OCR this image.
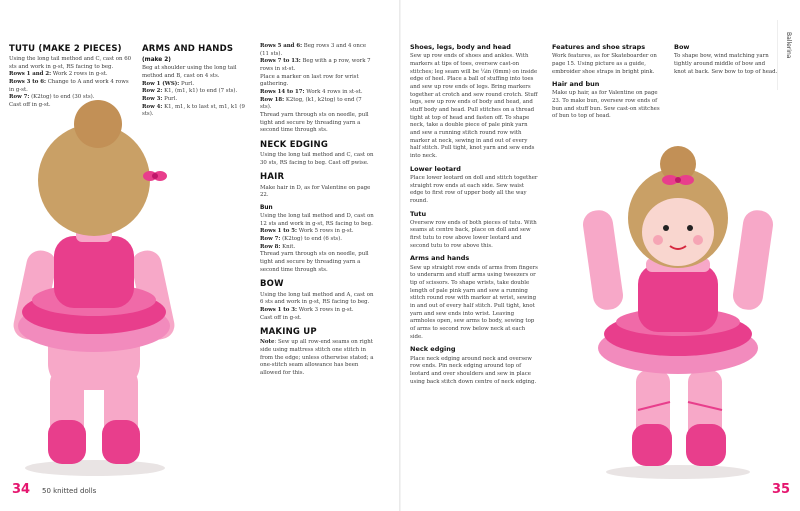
TUTU (MAKE 2 PIECES)

Using the long tail method and C, cast on 60 sts and work in g-st, RS facing to beg.
Rows 1 and 2: Work 2 rows in g-st.
Rows 3 to 6: Change to A and work 4 rows in g-st.
Row 7: (K2tog) to end (30 sts).
Cast off in g-st.

ARMS AND HANDS
(make 2)

Beg at shoulder using the long tail method and B, cast on 4 sts.
Row 1 (WS): Purl.
Row 2: K1, (m1, k1) to end (7 sts).
Row 3: Purl.
Row 4: K1, m1, k to last st, m1, k1 (9 sts).

Rows 5 and 6: Beg rows 3 and 4 once (11 sts).
Rows 7 to 13: Beg with a p row, work 7 rows in st-st.
Place a marker on last row for wrist gathering.
Rows 14 to 17: Work 4 rows in st-st.
Row 18: K2tog, (k1, k2tog) to end (7 sts).
Thread yarn through sts on needle, pull tight and secure by threading yarn a second time through sts.

NECK EDGING

Using the long tail method and C, cast on 30 sts, RS facing to beg. Cast off pwise.

HAIR

Make hair in D, as for Valentine on page 22.

Bun

Using the long tail method and D, cast on 12 sts and work in g-st, RS facing to beg.
Rows 1 to 5: Work 5 rows in g-st.
Row 7: (K2tog) to end (6 sts).
Row 8: Knit.
Thread yarn through sts on needle, pull tight and secure by threading yarn a second time through sts.

BOW

Using the long tail method and A, cast on 6 sts and work in g-st, RS facing to beg.
Rows 1 to 3: Work 3 rows in g-st.
Cast off in g-st.

MAKING UP

Note: Sew up all row-end seams on right side using mattress stitch one stitch in from the edge; unless otherwise stated; a one-stitch seam allowance has been allowed for this.

34 50 knitted dolls
Shoes, legs, body and head

Sew up row ends of shoes and ankles. With markers at tips of toes, oversew cast-on stitches; leg seam will be ¼in (6mm) on inside edge of heel. Place a ball of stuffing into toes and sew up row ends of legs. Bring markers together at crotch and sew round crotch. Stuff legs, sew up row ends of body and head, and stuff body and head. Pull stitches on a thread tight at top of head and fasten off. To shape neck, take a double piece of pale pink yarn and sew a running stitch round row with marker at neck, sewing in and out of every half stitch. Pull tight, knot yarn and sew ends into neck.

Lower leotard

Place lower leotard on doll and stitch together straight row ends at each side. Sew waist edge to first row of upper body all the way round.

Tutu

Oversew row ends of both pieces of tutu. With seams at centre back, place on doll and sew first tutu to row above lower leotard and second tutu to row above this.

Arms and hands

Sew up straight row ends of arms from fingers to underarm and stuff arms using tweezers or tip of scissors. To shape wrists, take double length of pale pink yarn and sew a running stitch round row with marker at wrist, sewing in and out of every half stitch. Pull tight, knot yarn and sew ends into wrist. Leaving armholes open, sew arms to body, sewing top of arms to second row below neck at each side.

Neck edging

Place neck edging around neck and oversew row ends. Pin neck edging around top of leotard and over shoulders and sew in place using back stitch down centre of neck edging.

Features and shoe straps

Work features, as for Skateboarder on page 15. Using picture as a guide, embroider shoe straps in bright pink.

Hair and bun

Make up hair, as for Valentine on page 23. To make bun, oversew row ends of bun and stuff bun. Sew cast-on stitches of bun to top of head.

Bow

To shape bow, wind matching yarn tightly around middle of bow and knot at back. Sew bow to top of head.

Ballerina
35
